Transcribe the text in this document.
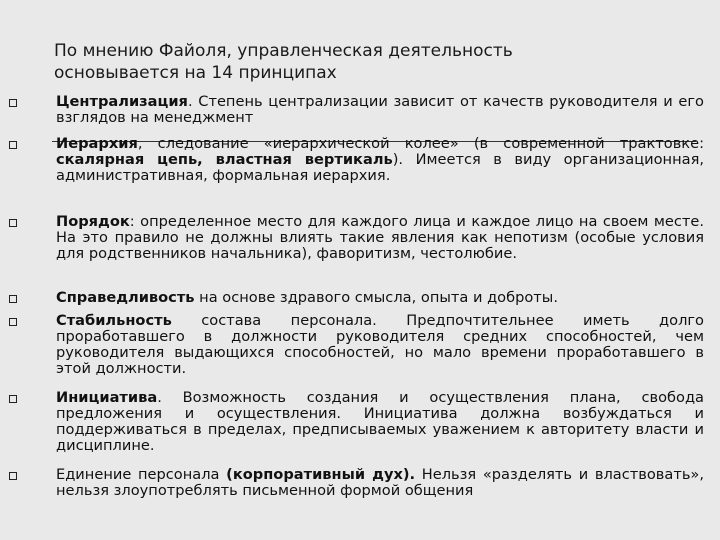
По мнению Файоля, управленческая деятельность
основывается на 14 принципах
Централизация. Степень централизации зависит от качеств руководителя и его взглядов на менеджмент
Иерархия, следование «иерархической колее» (в современной трактовке: скалярная цепь, властная вертикаль). Имеется в виду организационная, административная, формальная иерархия.
Порядок: определенное место для каждого лица и каждое лицо на своем месте. На это правило не должны влиять такие явления как непотизм (особые условия для родственников начальника), фаворитизм, честолюбие.
Справедливость на основе здравого смысла, опыта и доброты.
Стабильность состава персонала. Предпочтительнее иметь долго проработавшего в должности руководителя средних способностей, чем руководителя выдающихся способностей, но мало времени проработавшего в этой должности.
Инициатива. Возможность создания и осуществления плана, свобода предложения и осуществления. Инициатива должна возбуждаться и поддерживаться в пределах, предписываемых уважением к авторитету власти и дисциплине.
Единение персонала (корпоративный дух). Нельзя «разделять и властвовать», нельзя злоупотреблять письменной формой общения
